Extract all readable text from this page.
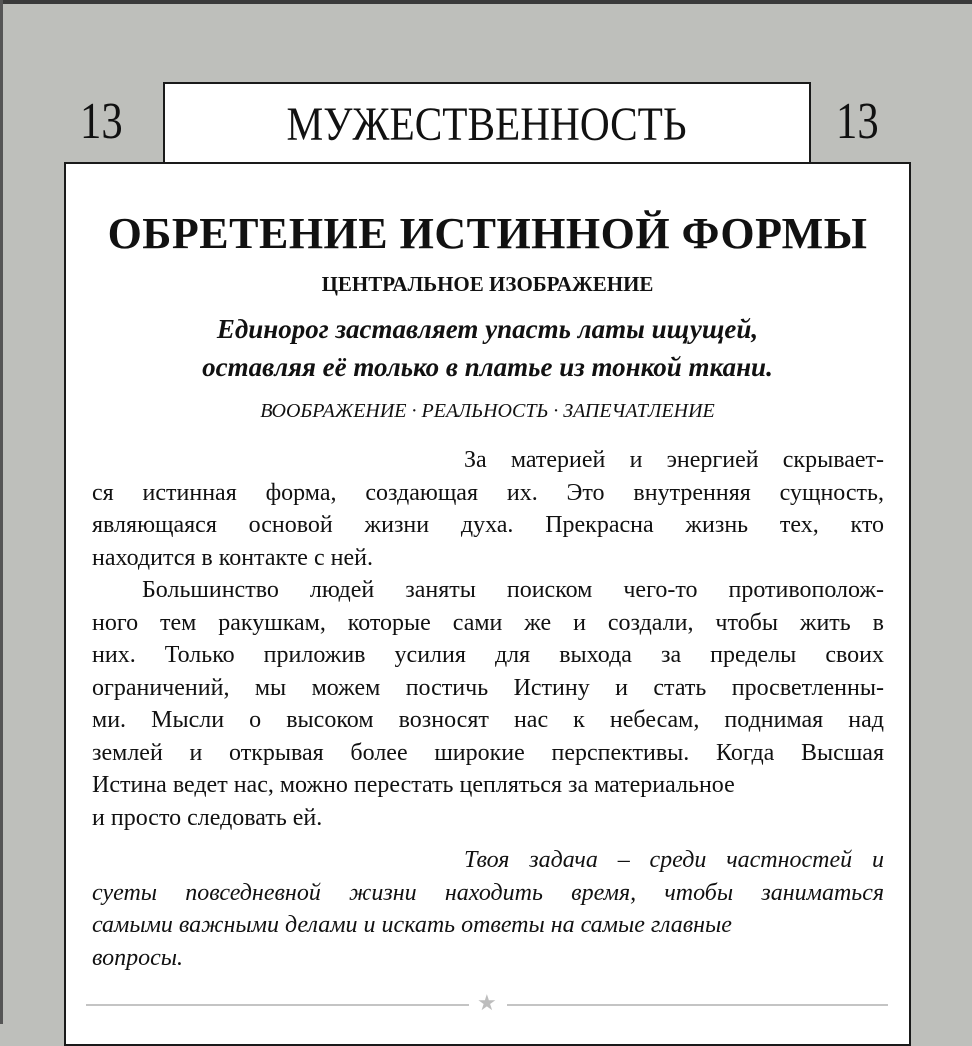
13	МУЖЕСТВЕННОСТЬ	13
ОБРЕТЕНИЕ ИСТИННОЙ ФОРМЫ
ЦЕНТРАЛЬНОЕ ИЗОБРАЖЕНИЕ
Единорог заставляет упасть латы ищущей,
оставляя её только в платье из тонкой ткани.
ВООБРАЖЕНИЕ · РЕАЛЬНОСТЬ · ЗАПЕЧАТЛЕНИЕ

За материей и энергией скрывает-
ся истинная форма, создающая их. Это внутренняя сущность,
являющаяся основой жизни духа. Прекрасна жизнь тех, кто
находится в контакте с ней.

Большинство людей заняты поиском чего-то противополож-
ного тем ракушкам, которые сами же и создали, чтобы жить в
них. Только приложив усилия для выхода за пределы своих
ограничений, мы можем постичь Истину и стать просветленны-
ми. Мысли о высоком возносят нас к небесам, поднимая над
землей и открывая более широкие перспективы. Когда Высшая
Истина ведет нас, можно перестать цепляться за материальное
и просто следовать ей.

Твоя задача – среди частностей и
суеты повседневной жизни находить время, чтобы заниматься
самыми важными делами и искать ответы на самые главные
вопросы.
★
